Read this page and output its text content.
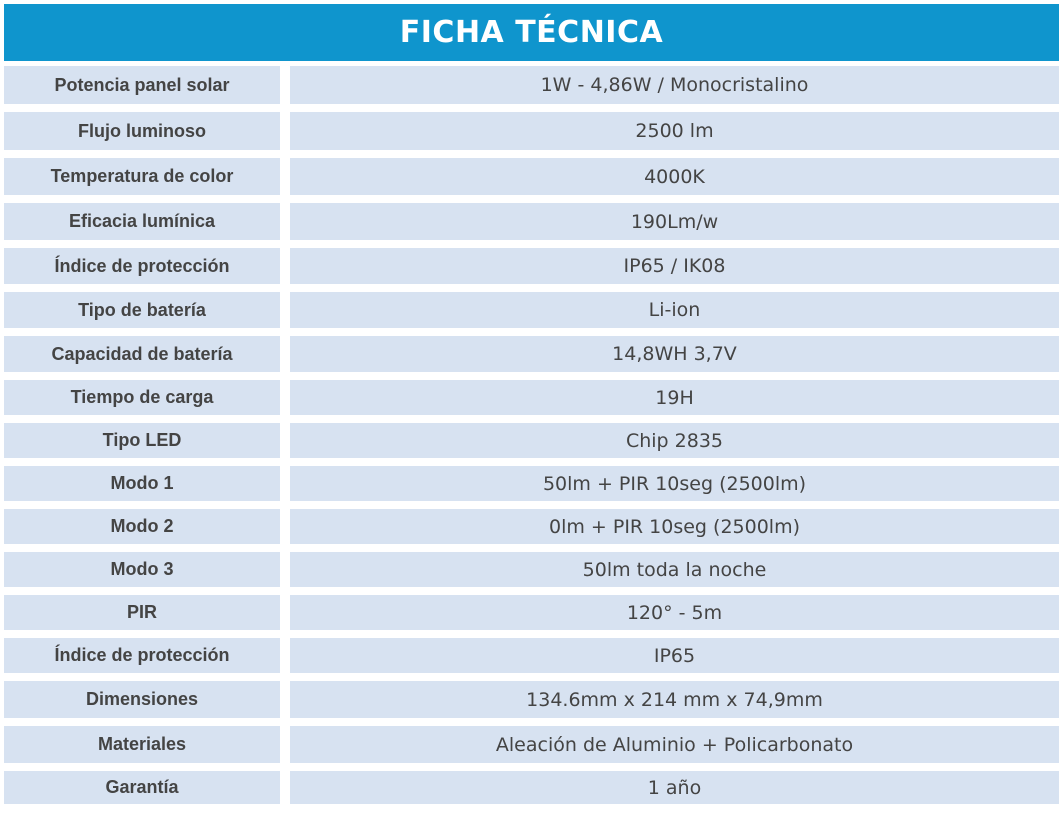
FICHA TÉCNICA
Potencia panel solar	1W - 4,86W / Monocristalino
Flujo luminoso	2500 lm
Temperatura de color	4000K
Eficacia lumínica	190Lm/w
Índice de protección	IP65 / IK08
Tipo de batería	Li-ion
Capacidad de batería	14,8WH 3,7V
Tiempo de carga	19H
Tipo LED	Chip 2835
Modo 1	50lm + PIR 10seg (2500lm)
Modo 2	0lm + PIR 10seg (2500lm)
Modo 3	50lm toda la noche
PIR	120° - 5m
Índice de protección	IP65
Dimensiones	134.6mm x 214 mm x 74,9mm
Materiales	Aleación de Aluminio + Policarbonato
Garantía	1 año
